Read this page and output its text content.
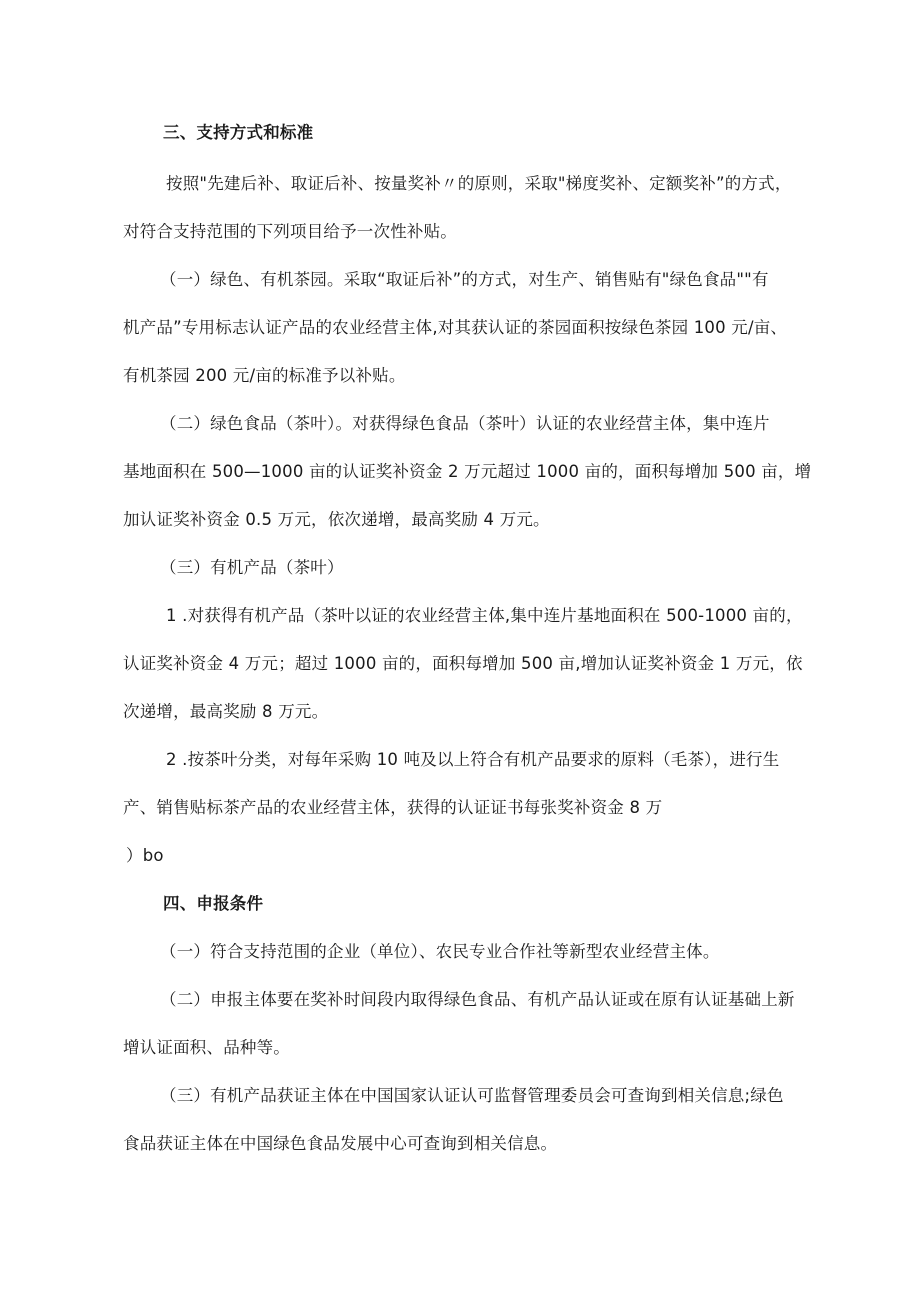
三、支持方式和标准
按照"先建后补、取证后补、按量奖补〃的原则，采取"梯度奖补、定额奖补”的方式，
对符合支持范围的下列项目给予一次性补贴。
（一）绿色、有机茶园。采取“取证后补”的方式，对生产、销售贴有"绿色食品""有
机产品”专用标志认证产品的农业经营主体,对其获认证的茶园面积按绿色茶园 100 元/亩、
有机茶园 200 元/亩的标准予以补贴。
（二）绿色食品（茶叶）。对获得绿色食品（茶叶）认证的农业经营主体，集中连片
基地面积在 500—1000 亩的认证奖补资金 2 万元超过 1000 亩的，面积每增加 500 亩，增
加认证奖补资金 0.5 万元，依次递增，最高奖励 4 万元。
（三）有机产品（茶叶）
1 .对获得有机产品（茶叶以证的农业经营主体,集中连片基地面积在 500-1000 亩的，
认证奖补资金 4 万元；超过 1000 亩的，面积每增加 500 亩,增加认证奖补资金 1 万元，依
次递增，最高奖励 8 万元。
2 .按茶叶分类，对每年采购 10 吨及以上符合有机产品要求的原料（毛茶），进行生
产、销售贴标茶产品的农业经营主体，获得的认证证书每张奖补资金 8 万
）bo
四、申报条件
（一）符合支持范围的企业（单位）、农民专业合作社等新型农业经营主体。
（二）申报主体要在奖补时间段内取得绿色食品、有机产品认证或在原有认证基础上新
增认证面积、品种等。
（三）有机产品获证主体在中国国家认证认可监督管理委员会可查询到相关信息;绿色
食品获证主体在中国绿色食品发展中心可查询到相关信息。
